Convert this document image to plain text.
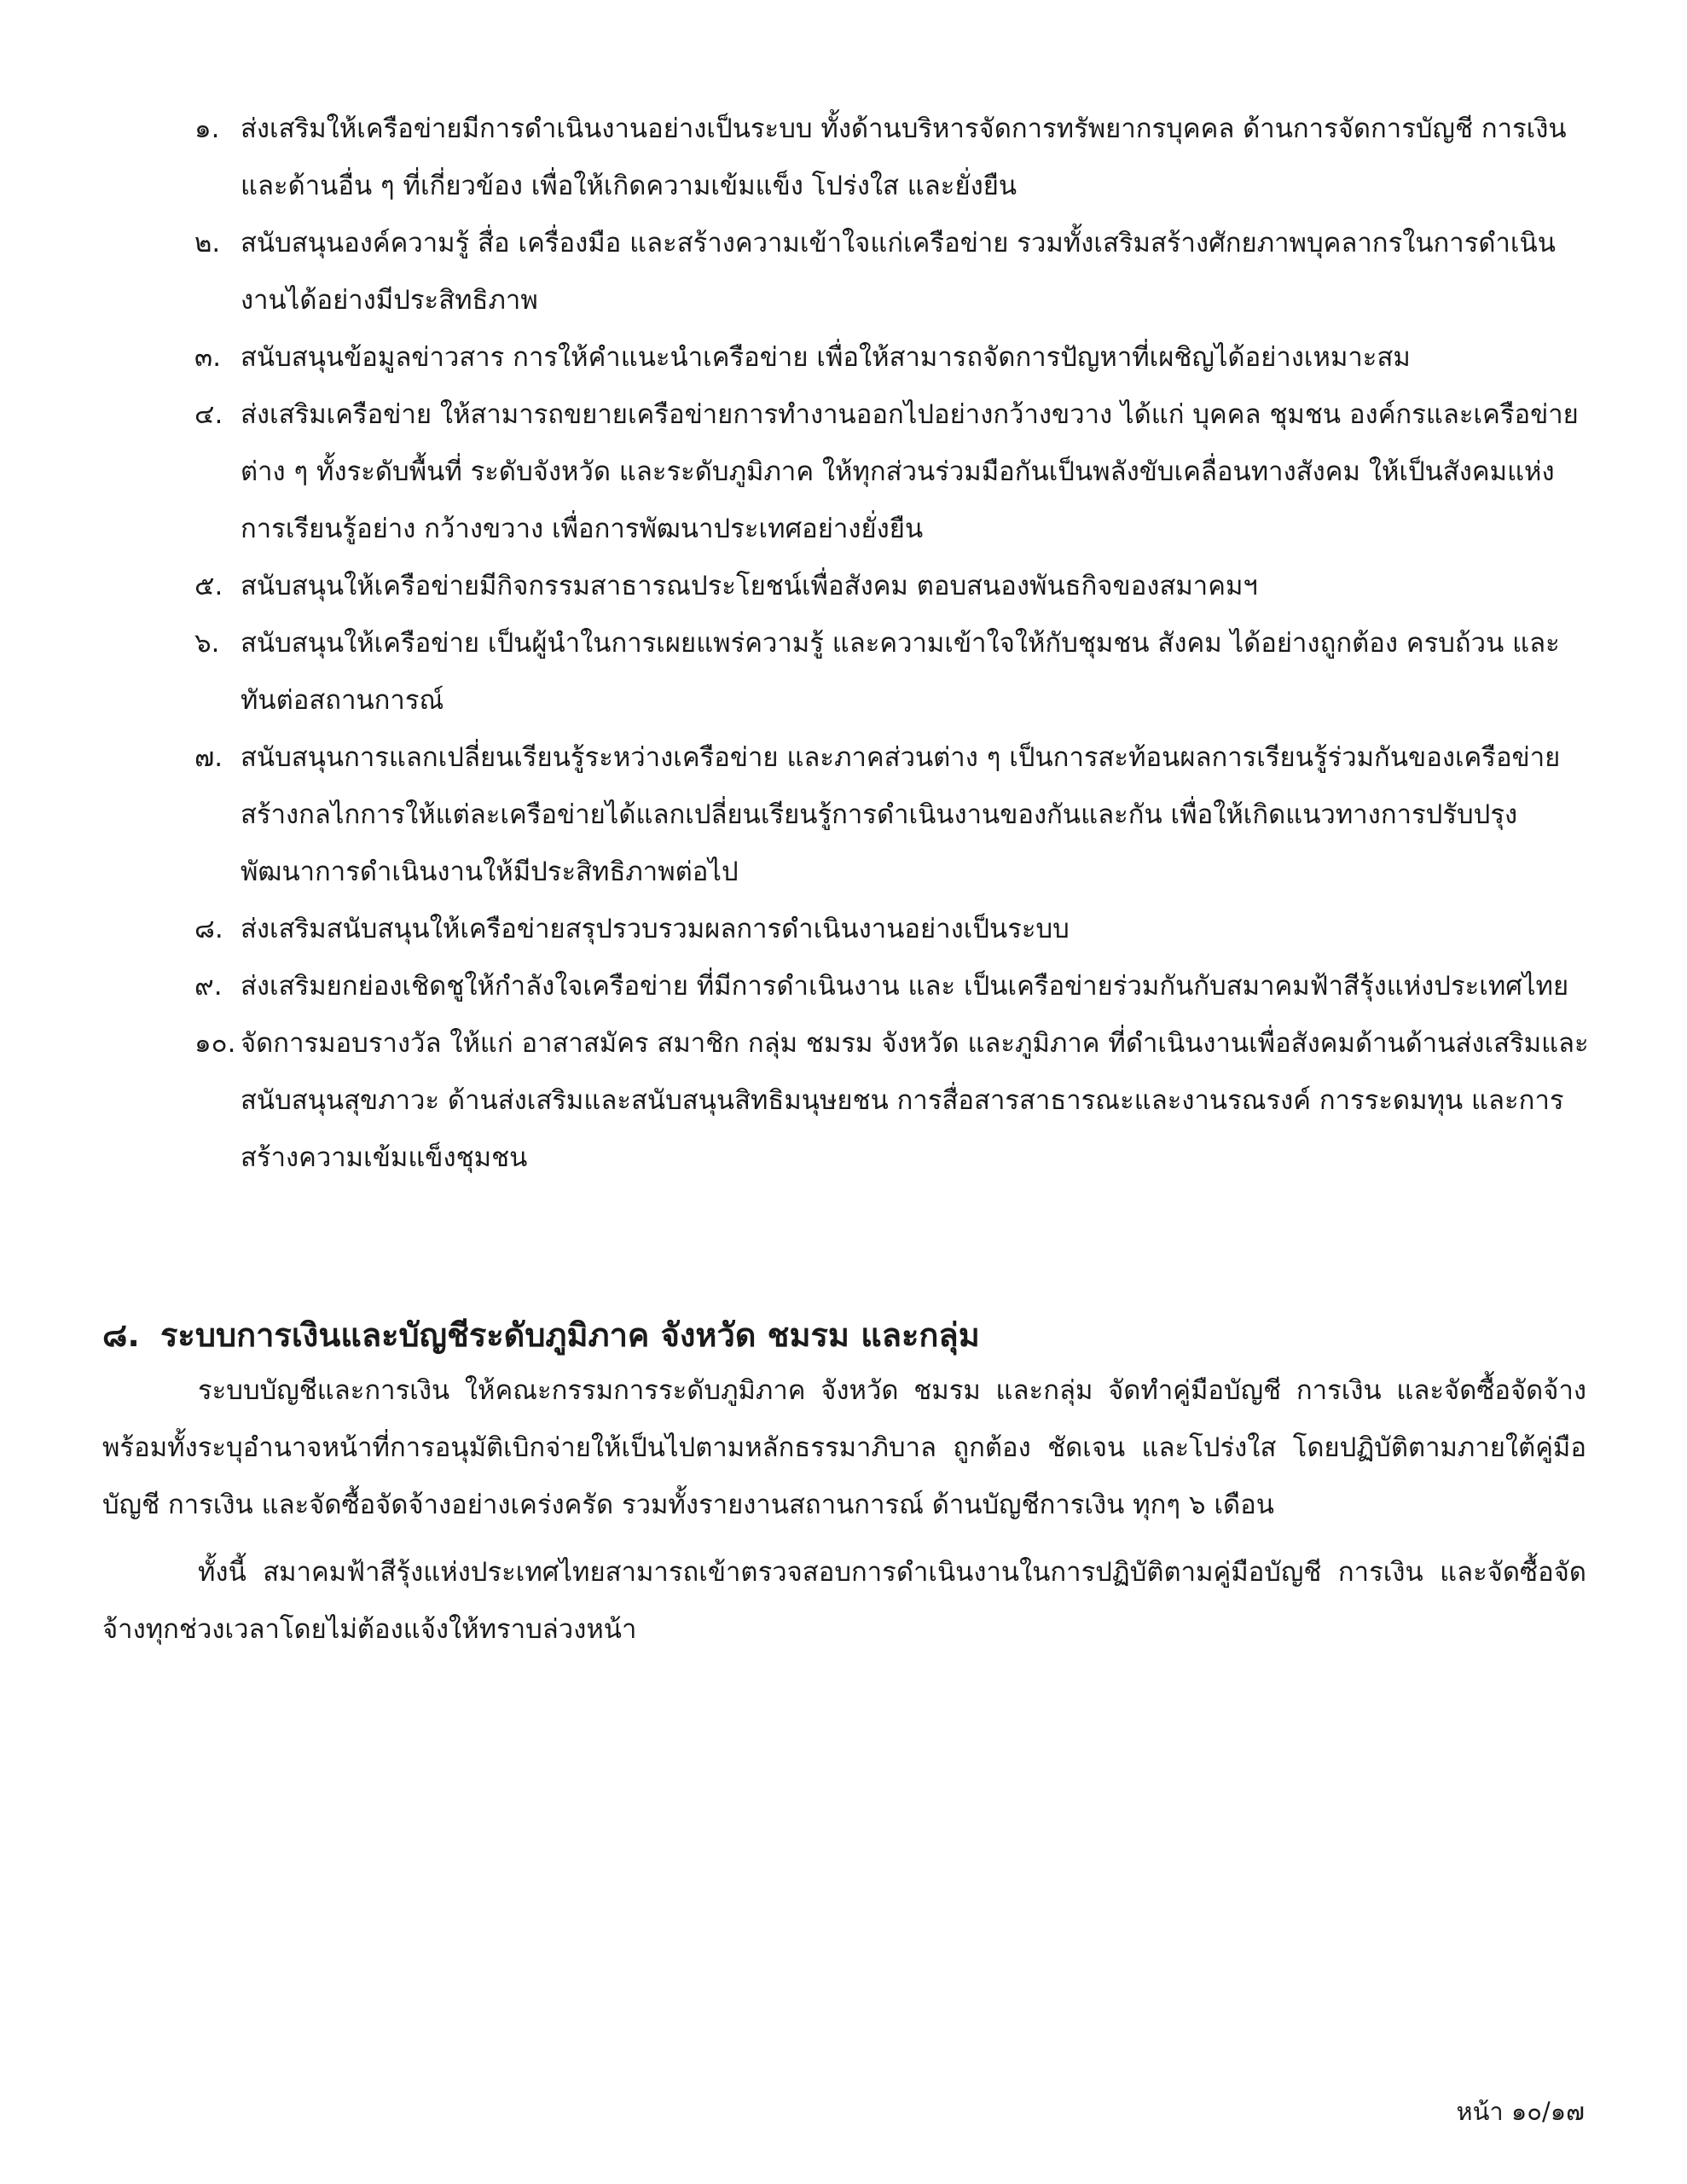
๑. ส่งเสริมให้เครือข่ายมีการดำเนินงานอย่างเป็นระบบ ทั้งด้านบริหารจัดการทรัพยากรบุคคล ด้านการจัดการบัญชี การเงิน และด้านอื่น ๆ ที่เกี่ยวข้อง เพื่อให้เกิดความเข้มแข็ง โปร่งใส และยั่งยืน
๒. สนับสนุนองค์ความรู้ สื่อ เครื่องมือ และสร้างความเข้าใจแก่เครือข่าย รวมทั้งเสริมสร้างศักยภาพบุคลากรในการดำเนินงานได้อย่างมีประสิทธิภาพ
๓. สนับสนุนข้อมูลข่าวสาร การให้คำแนะนำเครือข่าย เพื่อให้สามารถจัดการปัญหาที่เผชิญได้อย่างเหมาะสม
๔. ส่งเสริมเครือข่าย ให้สามารถขยายเครือข่ายการทำงานออกไปอย่างกว้างขวาง ได้แก่ บุคคล ชุมชน องค์กรและเครือข่ายต่าง ๆ ทั้งระดับพื้นที่ ระดับจังหวัด และระดับภูมิภาค ให้ทุกส่วนร่วมมือกันเป็นพลังขับเคลื่อนทางสังคม ให้เป็นสังคมแห่งการเรียนรู้อย่าง กว้างขวาง เพื่อการพัฒนาประเทศอย่างยั่งยืน
๕. สนับสนุนให้เครือข่ายมีกิจกรรมสาธารณประโยชน์เพื่อสังคม ตอบสนองพันธกิจของสมาคมฯ
๖. สนับสนุนให้เครือข่าย เป็นผู้นำในการเผยแพร่ความรู้ และความเข้าใจให้กับชุมชน สังคม ได้อย่างถูกต้อง ครบถ้วน และทันต่อสถานการณ์
๗. สนับสนุนการแลกเปลี่ยนเรียนรู้ระหว่างเครือข่าย และภาคส่วนต่าง ๆ เป็นการสะท้อนผลการเรียนรู้ร่วมกันของเครือข่าย สร้างกลไกการให้แต่ละเครือข่ายได้แลกเปลี่ยนเรียนรู้การดำเนินงานของกันและกัน เพื่อให้เกิดแนวทางการปรับปรุงพัฒนาการดำเนินงานให้มีประสิทธิภาพต่อไป
๘. ส่งเสริมสนับสนุนให้เครือข่ายสรุปรวบรวมผลการดำเนินงานอย่างเป็นระบบ
๙. ส่งเสริมยกย่องเชิดชูให้กำลังใจเครือข่าย ที่มีการดำเนินงาน และ เป็นเครือข่ายร่วมกันกับสมาคมฟ้าสีรุ้งแห่งประเทศไทย
๑๐. จัดการมอบรางวัล ให้แก่ อาสาสมัคร สมาชิก กลุ่ม ชมรม จังหวัด และภูมิภาค ที่ดำเนินงานเพื่อสังคมด้านด้านส่งเสริมและสนับสนุนสุขภาวะ ด้านส่งเสริมและสนับสนุนสิทธิมนุษยชน การสื่อสารสาธารณะและงานรณรงค์ การระดมทุน และการสร้างความเข้มแข็งชุมชน
๘. ระบบการเงินและบัญชีระดับภูมิภาค จังหวัด ชมรม และกลุ่ม

ระบบบัญชีและการเงิน ให้คณะกรรมการระดับภูมิภาค จังหวัด ชมรม และกลุ่ม จัดทำคู่มือบัญชี การเงิน และจัดซื้อจัดจ้าง พร้อมทั้งระบุอำนาจหน้าที่การอนุมัติเบิกจ่ายให้เป็นไปตามหลักธรรมาภิบาล ถูกต้อง ชัดเจน และโปร่งใส โดยปฏิบัติตามภายใต้คู่มือบัญชี การเงิน และจัดซื้อจัดจ้างอย่างเคร่งครัด รวมทั้งรายงานสถานการณ์ ด้านบัญชีการเงิน ทุกๆ ๖ เดือน

ทั้งนี้ สมาคมฟ้าสีรุ้งแห่งประเทศไทยสามารถเข้าตรวจสอบการดำเนินงานในการปฏิบัติตามคู่มือบัญชี การเงิน และจัดซื้อจัดจ้างทุกช่วงเวลาโดยไม่ต้องแจ้งให้ทราบล่วงหน้า

หน้า ๑๐/๑๗
